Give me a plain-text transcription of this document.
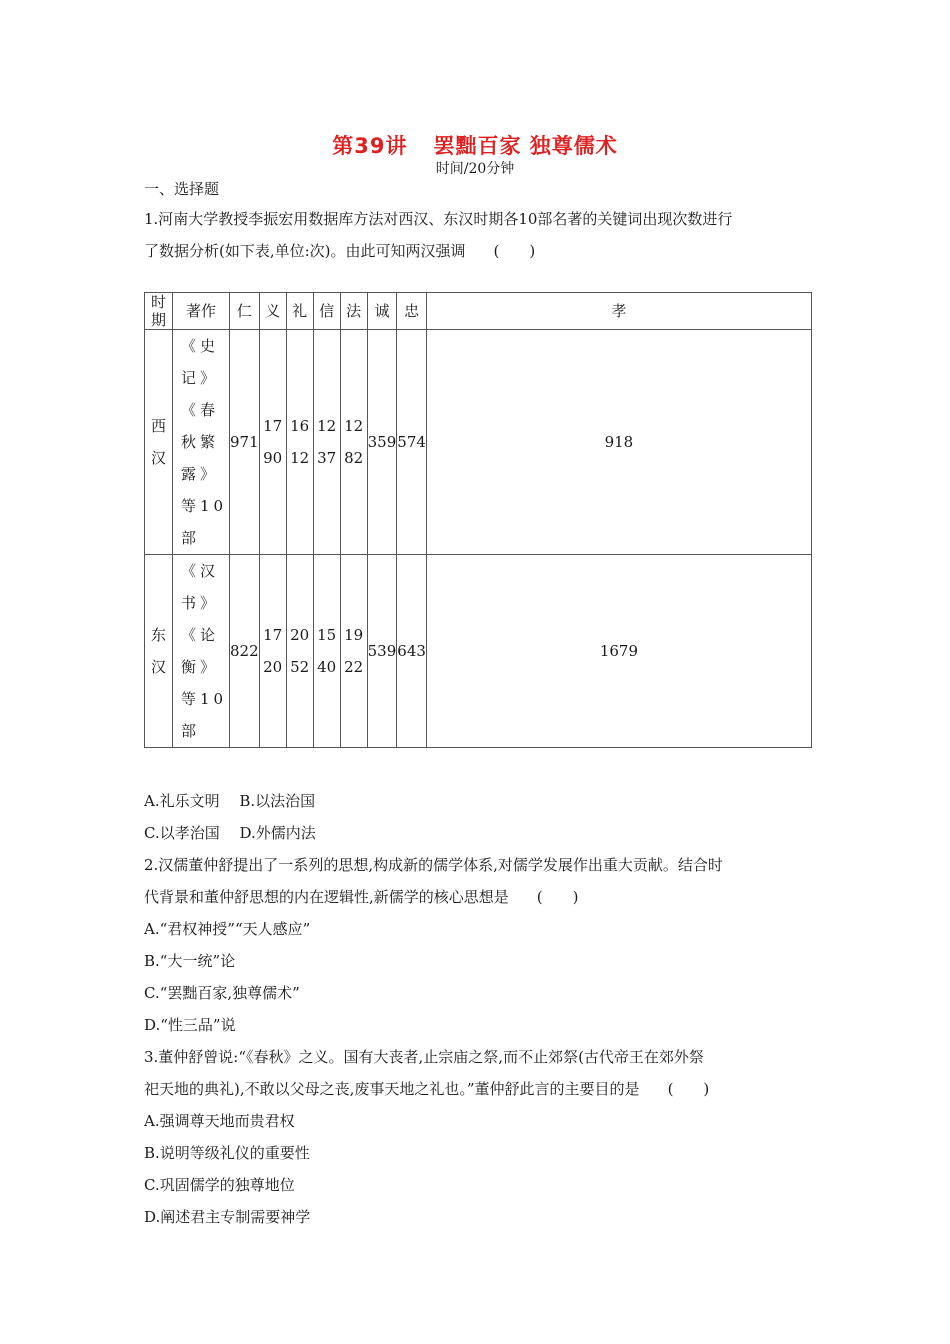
第39讲 罢黜百家 独尊儒术
时间/20分钟
一、选择题
1.河南大学教授李振宏用数据库方法对西汉、东汉时期各10部名著的关键词出现次数进行
了数据分析(如下表,单位:次)。由此可知两汉强调 (　　)
时期	著作	仁	义	礼	信	法	诚	忠	孝
西汉	《史记》《春秋繁露》等10部	971	1790	1612	1237	1282	359	574	918
东汉	《汉书》《论衡》等10部	822	1720	2052	1540	1922	539	643	1679
A.礼乐文明　 B.以法治国
C.以孝治国　 D.外儒内法
2.汉儒董仲舒提出了一系列的思想,构成新的儒学体系,对儒学发展作出重大贡献。结合时
代背景和董仲舒思想的内在逻辑性,新儒学的核心思想是 (　　)
A.“君权神授”“天人感应”
B.“大一统”论
C.“罢黜百家,独尊儒术”
D.“性三品”说
3.董仲舒曾说:“《春秋》之义。国有大丧者,止宗庙之祭,而不止郊祭(古代帝王在郊外祭
祀天地的典礼),不敢以父母之丧,废事天地之礼也。”董仲舒此言的主要目的是 (　　)
A.强调尊天地而贵君权
B.说明等级礼仪的重要性
C.巩固儒学的独尊地位
D.阐述君主专制需要神学
